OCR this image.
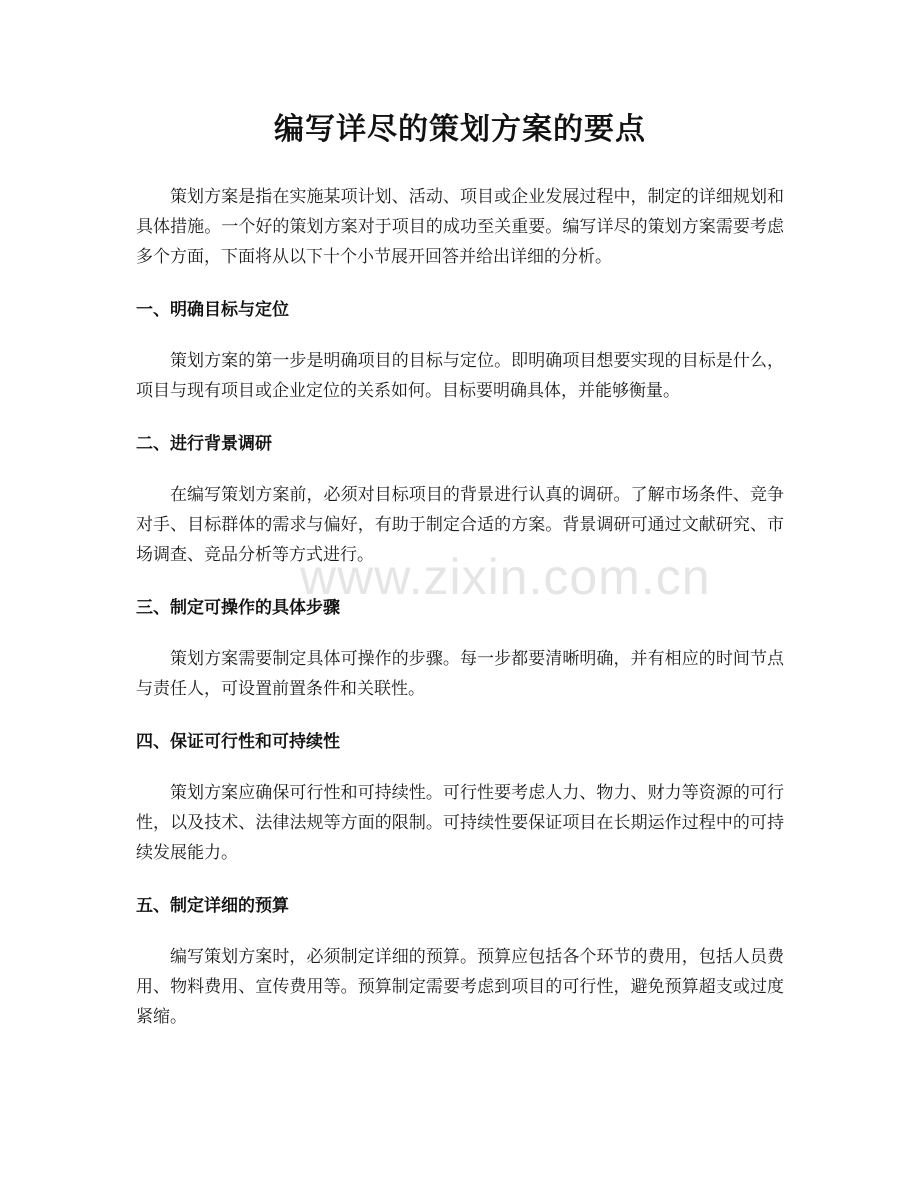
编写详尽的策划方案的要点

策划方案是指在实施某项计划、活动、项目或企业发展过程中，制定的详细规划和具体措施。一个好的策划方案对于项目的成功至关重要。编写详尽的策划方案需要考虑多个方面，下面将从以下十个小节展开回答并给出详细的分析。

一、明确目标与定位

策划方案的第一步是明确项目的目标与定位。即明确项目想要实现的目标是什么，项目与现有项目或企业定位的关系如何。目标要明确具体，并能够衡量。

二、进行背景调研

在编写策划方案前，必须对目标项目的背景进行认真的调研。了解市场条件、竞争对手、目标群体的需求与偏好，有助于制定合适的方案。背景调研可通过文献研究、市场调查、竞品分析等方式进行。

三、制定可操作的具体步骤

策划方案需要制定具体可操作的步骤。每一步都要清晰明确，并有相应的时间节点与责任人，可设置前置条件和关联性。

四、保证可行性和可持续性

策划方案应确保可行性和可持续性。可行性要考虑人力、物力、财力等资源的可行性，以及技术、法律法规等方面的限制。可持续性要保证项目在长期运作过程中的可持续发展能力。

五、制定详细的预算

编写策划方案时，必须制定详细的预算。预算应包括各个环节的费用，包括人员费用、物料费用、宣传费用等。预算制定需要考虑到项目的可行性，避免预算超支或过度紧缩。

www.zixin.com.cn
